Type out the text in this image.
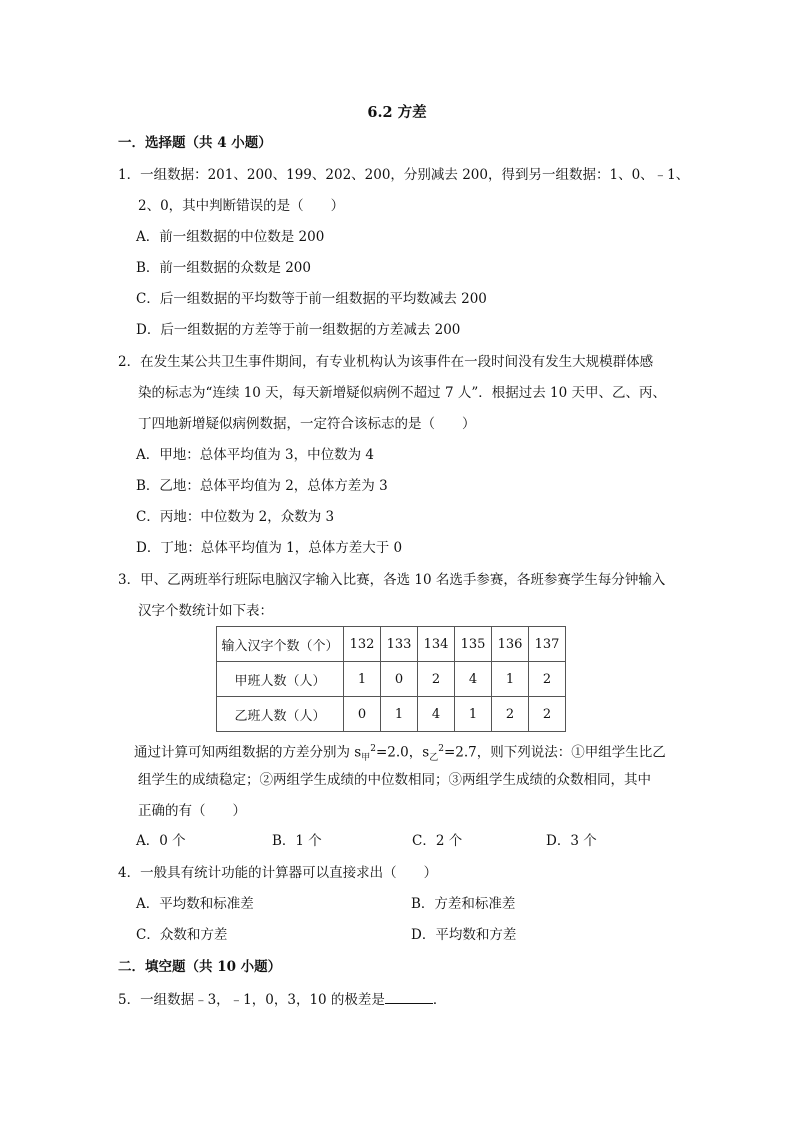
6.2 方差
一．选择题（共 4 小题）
1．一组数据：201、200、199、202、200，分别减去 200，得到另一组数据：1、0、﹣1、
2、0，其中判断错误的是（　　）
A．前一组数据的中位数是 200
B．前一组数据的众数是 200
C．后一组数据的平均数等于前一组数据的平均数减去 200
D．后一组数据的方差等于前一组数据的方差减去 200
2．在发生某公共卫生事件期间，有专业机构认为该事件在一段时间没有发生大规模群体感
染的标志为“连续 10 天，每天新增疑似病例不超过 7 人”．根据过去 10 天甲、乙、丙、
丁四地新增疑似病例数据，一定符合该标志的是（　　）
A．甲地：总体平均值为 3，中位数为 4
B．乙地：总体平均值为 2，总体方差为 3
C．丙地：中位数为 2，众数为 3
D．丁地：总体平均值为 1，总体方差大于 0
3．甲、乙两班举行班际电脑汉字输入比赛，各选 10 名选手参赛，各班参赛学生每分钟输入
汉字个数统计如下表：
输入汉字个数（个）	132	133	134	135	136	137
甲班人数（人）	1	0	2	4	1	2
乙班人数（人）	0	1	4	1	2	2
通过计算可知两组数据的方差分别为 $s_甲^2=2.0$，$s_乙^2=2.7$，则下列说法：①甲组学生比乙
组学生的成绩稳定；②两组学生成绩的中位数相同；③两组学生成绩的众数相同，其中
正确的有（　　）
A．0 个	B．1 个	C．2 个	D．3 个
4．一般具有统计功能的计算器可以直接求出（　　）
A．平均数和标准差	B．方差和标准差
C．众数和方差	D．平均数和方差
二．填空题（共 10 小题）
5．一组数据﹣3，﹣1，0，3，10 的极差是	．
